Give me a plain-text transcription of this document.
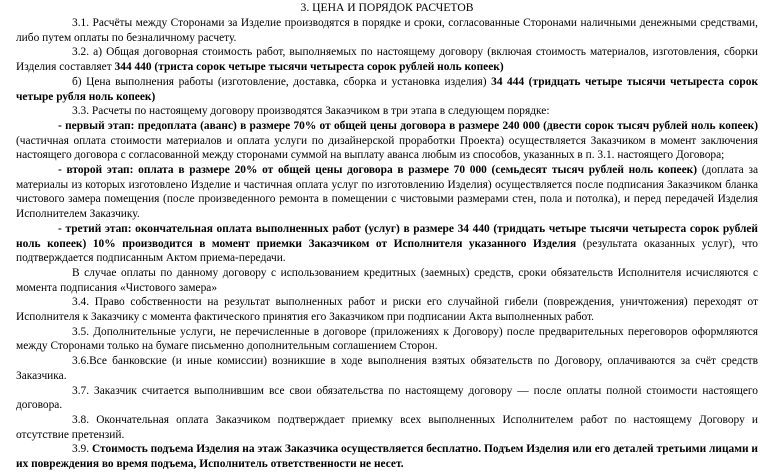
3. ЦЕНА И ПОРЯДОК РАСЧЕТОВ

3.1. Расчёты между Сторонами за Изделие производятся в порядке и сроки, согласованные Сторонами наличными денежными средствами, либо путем оплаты по безналичному расчету.

3.2. а) Общая договорная стоимость работ, выполняемых по настоящему договору (включая стоимость материалов, изготовления, сборки Изделия составляет 344 440 (триста сорок четыре тысячи четыреста сорок рублей ноль копеек)

б) Цена выполнения работы (изготовление, доставка, сборка и установка изделия) 34 444 (тридцать четыре тысячи четыреста сорок четыре рубля ноль копеек)

3.3. Расчеты по настоящему договору производятся Заказчиком в три этапа в следующем порядке:

- первый этап: предоплата (аванс) в размере 70% от общей цены договора в размере 240 000 (двести сорок тысяч рублей ноль копеек) (частичная оплата стоимости материалов и оплата услуги по дизайнерской проработки Проекта) осуществляется Заказчиком в момент заключения настоящего договора с согласованной между сторонами суммой на выплату аванса любым из способов, указанных в п. 3.1. настоящего Договора;

- второй этап: оплата в размере 20% от общей цены договора в размере 70 000 (семьдесят тысяч рублей ноль копеек) (доплата за материалы из которых изготовлено Изделие и частичная оплата услуг по изготовлению Изделия) осуществляется после подписания Заказчиком бланка чистового замера помещения (после произведенного ремонта в помещении с чистовыми размерами стен, пола и потолка), и перед передачей Изделия Исполнителем Заказчику.

- третий этап: окончательная оплата выполненных работ (услуг) в размере 34 440 (тридцать четыре тысячи четыреста сорок рублей ноль копеек) 10% производится в момент приемки Заказчиком от Исполнителя указанного Изделия (результата оказанных услуг), что подтверждается подписанным Актом приема-передачи.

В случае оплаты по данному договору с использованием кредитных (заемных) средств, сроки обязательств Исполнителя исчисляются с момента подписания «Чистового замера»

3.4. Право собственности на результат выполненных работ и риски его случайной гибели (повреждения, уничтожения) переходят от Исполнителя к Заказчику с момента фактического принятия его Заказчиком при подписании Акта выполненных работ.

3.5. Дополнительные услуги, не перечисленные в договоре (приложениях к Договору) после предварительных переговоров оформляются между Сторонами только на бумаге письменно дополнительным соглашением Сторон.

3.6.Все банковские (и иные комиссии) возникшие в ходе выполнения взятых обязательств по Договору, оплачиваются за счёт средств Заказчика.

3.7. Заказчик считается выполнившим все свои обязательства по настоящему договору — после оплаты полной стоимости настоящего договора.

3.8. Окончательная оплата Заказчиком подтверждает приемку всех выполненных Исполнителем работ по настоящему Договору и отсутствие претензий.

3.9. Стоимость подъема Изделия на этаж Заказчика осуществляется бесплатно. Подъем Изделия или его деталей третьими лицами и их повреждения во время подъема, Исполнитель ответственности не несет.
